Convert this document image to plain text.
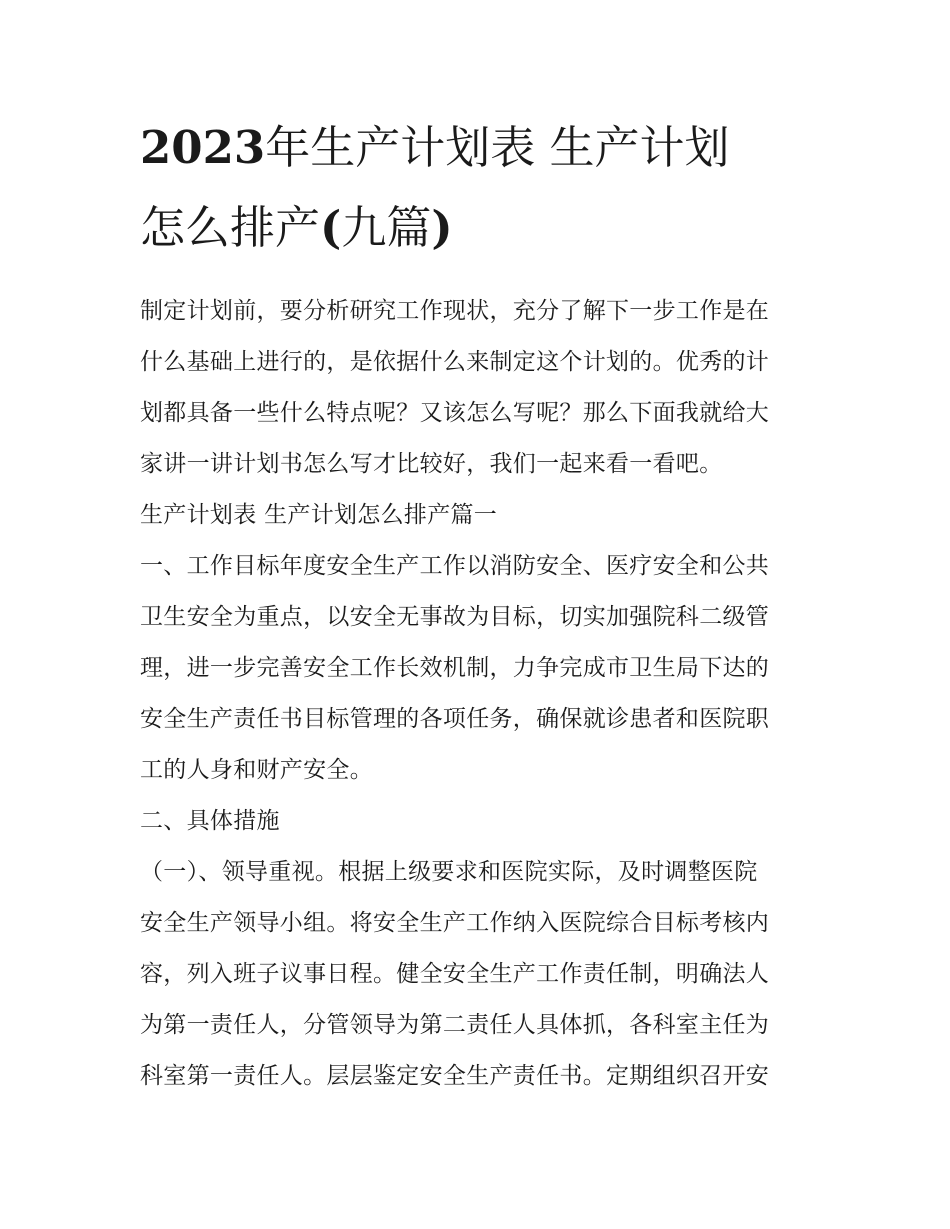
2023年生产计划表 生产计划
怎么排产(九篇)

制定计划前，要分析研究工作现状，充分了解下一步工作是在
什么基础上进行的，是依据什么来制定这个计划的。优秀的计
划都具备一些什么特点呢？又该怎么写呢？那么下面我就给大
家讲一讲计划书怎么写才比较好，我们一起来看一看吧。

生产计划表 生产计划怎么排产篇一

一、工作目标年度安全生产工作以消防安全、医疗安全和公共
卫生安全为重点，以安全无事故为目标，切实加强院科二级管
理，进一步完善安全工作长效机制，力争完成市卫生局下达的
安全生产责任书目标管理的各项任务，确保就诊患者和医院职
工的人身和财产安全。

二、具体措施

（一）、领导重视。根据上级要求和医院实际，及时调整医院
安全生产领导小组。将安全生产工作纳入医院综合目标考核内
容，列入班子议事日程。健全安全生产工作责任制，明确法人
为第一责任人，分管领导为第二责任人具体抓，各科室主任为
科室第一责任人。层层鉴定安全生产责任书。定期组织召开安
